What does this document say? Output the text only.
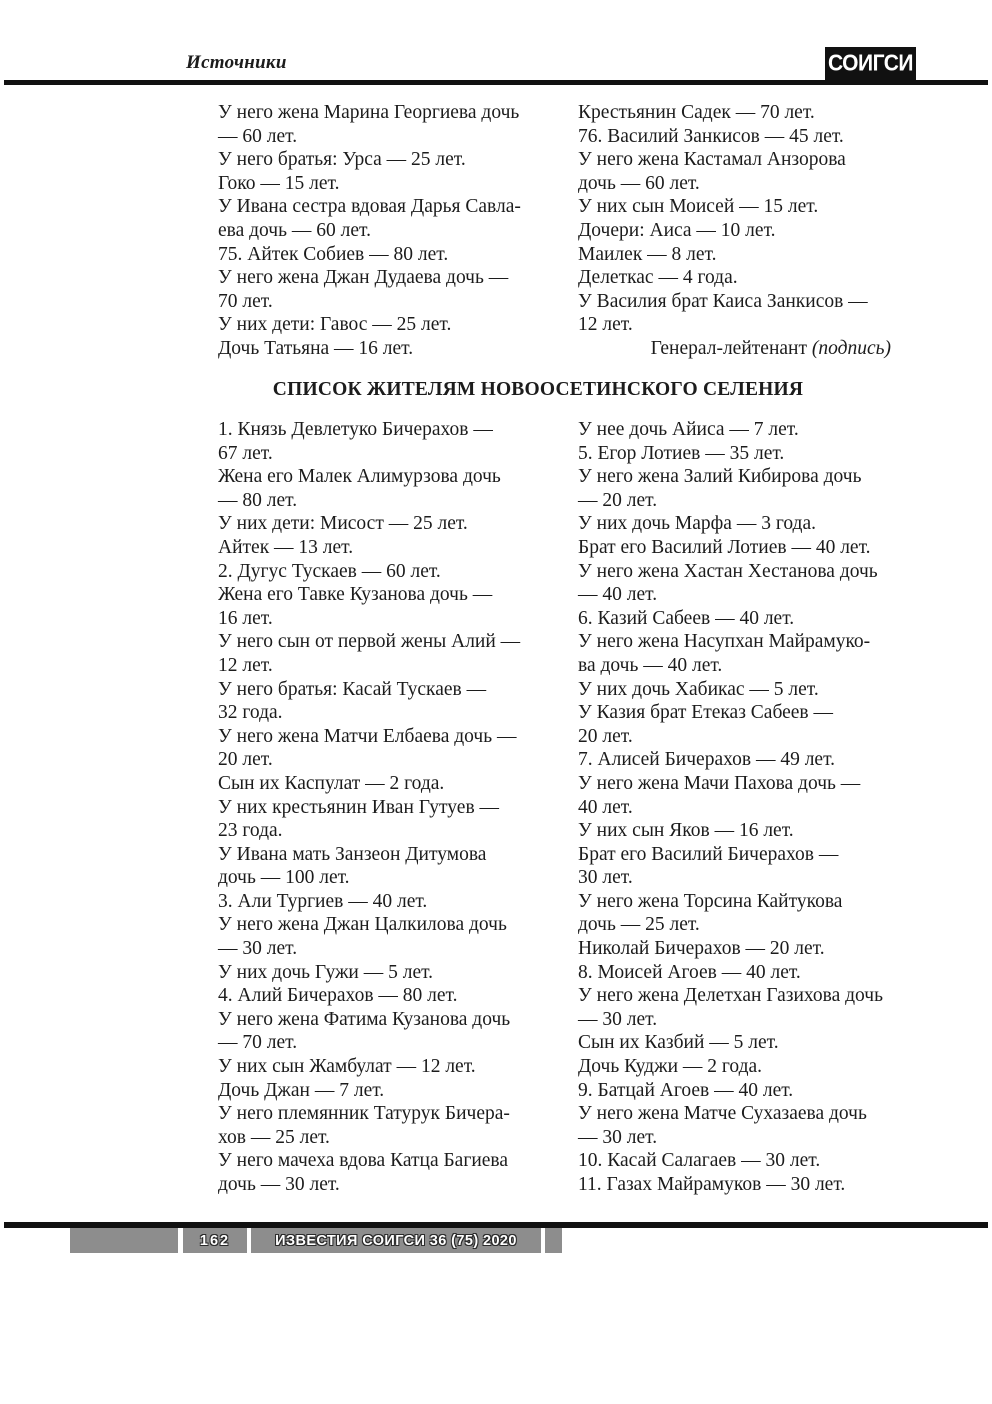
Источники	СОИГСИ
У него жена Марина Георгиева дочь
— 60 лет.
У него братья: Урса — 25 лет.
Гоко — 15 лет.
У Ивана сестра вдовая Дарья Савла-
ева дочь — 60 лет.
75. Айтек Собиев — 80 лет.
У него жена Джан Дудаева дочь —
70 лет.
У них дети: Гавос — 25 лет.
Дочь Татьяна — 16 лет.
Крестьянин Садек — 70 лет.
76. Василий Занкисов — 45 лет.
У него жена Кастамал Анзорова
дочь — 60 лет.
У них сын Моисей — 15 лет.
Дочери: Аиса — 10 лет.
Маилек — 8 лет.
Делеткас — 4 года.
У Василия брат Каиса Занкисов —
12 лет.
Генерал-лейтенант (подпись)
СПИСОК ЖИТЕЛЯМ НОВООСЕТИНСКОГО СЕЛЕНИЯ
1. Князь Девлетуко Бичерахов —
67 лет.
Жена его Малек Алимурзова дочь
— 80 лет.
У них дети: Мисост — 25 лет.
Айтек — 13 лет.
2. Дугус Тускаев — 60 лет.
Жена его Тавке Кузанова дочь —
16 лет.
У него сын от первой жены Алий —
12 лет.
У него братья: Касай Тускаев —
32 года.
У него жена Матчи Елбаева дочь —
20 лет.
Сын их Каспулат — 2 года.
У них крестьянин Иван Гутуев —
23 года.
У Ивана мать Занзеон Дитумова
дочь — 100 лет.
3. Али Тургиев — 40 лет.
У него жена Джан Цалкилова дочь
— 30 лет.
У них дочь Гужи — 5 лет.
4. Алий Бичерахов — 80 лет.
У него жена Фатима Кузанова дочь
— 70 лет.
У них сын Жамбулат — 12 лет.
Дочь Джан — 7 лет.
У него племянник Татурук Бичера-
хов — 25 лет.
У него мачеха вдова Катца Багиева
дочь — 30 лет.
У нее дочь Айиса — 7 лет.
5. Егор Лотиев — 35 лет.
У него жена Залий Кибирова дочь
— 20 лет.
У них дочь Марфа — 3 года.
Брат его Василий Лотиев — 40 лет.
У него жена Хастан Хестанова дочь
— 40 лет.
6. Казий Сабеев — 40 лет.
У него жена Насупхан Майрамуко-
ва дочь — 40 лет.
У них дочь Хабикас — 5 лет.
У Казия брат Етеказ Сабеев —
20 лет.
7. Алисей Бичерахов — 49 лет.
У него жена Мачи Пахова дочь —
40 лет.
У них сын Яков — 16 лет.
Брат его Василий Бичерахов —
30 лет.
У него жена Торсина Кайтукова
дочь — 25 лет.
Николай Бичерахов — 20 лет.
8. Моисей Агоев — 40 лет.
У него жена Делетхан Газихова дочь
— 30 лет.
Сын их Казбий — 5 лет.
Дочь Куджи — 2 года.
9. Батцай Агоев — 40 лет.
У него жена Матче Сухазаева дочь
— 30 лет.
10. Касай Салагаев — 30 лет.
11. Газах Майрамуков — 30 лет.
162	ИЗВЕСТИЯ СОИГСИ 36 (75) 2020
